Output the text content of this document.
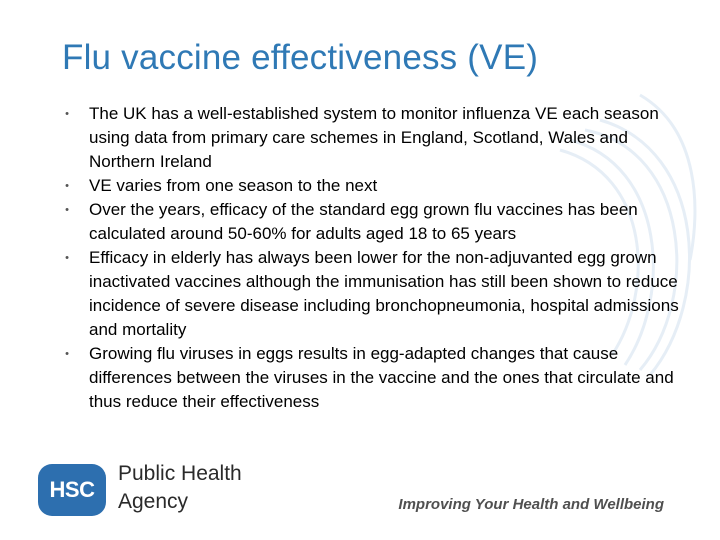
Flu vaccine effectiveness (VE)
• The UK has a well-established system to monitor influenza VE each season using data from primary care schemes in England, Scotland, Wales and Northern Ireland
• VE varies from one season to the next
• Over the years, efficacy of the standard egg grown flu vaccines has been calculated around 50-60% for adults aged 18 to 65 years
• Efficacy in elderly has always been lower for the non-adjuvanted egg grown inactivated vaccines although the immunisation has still been shown to reduce incidence of severe disease including bronchopneumonia, hospital admissions and mortality
• Growing flu viruses in eggs results in egg-adapted changes that cause differences between the viruses in the vaccine and the ones that circulate and thus reduce their effectiveness
HSC
Public Health
Agency	Improving Your Health and Wellbeing
